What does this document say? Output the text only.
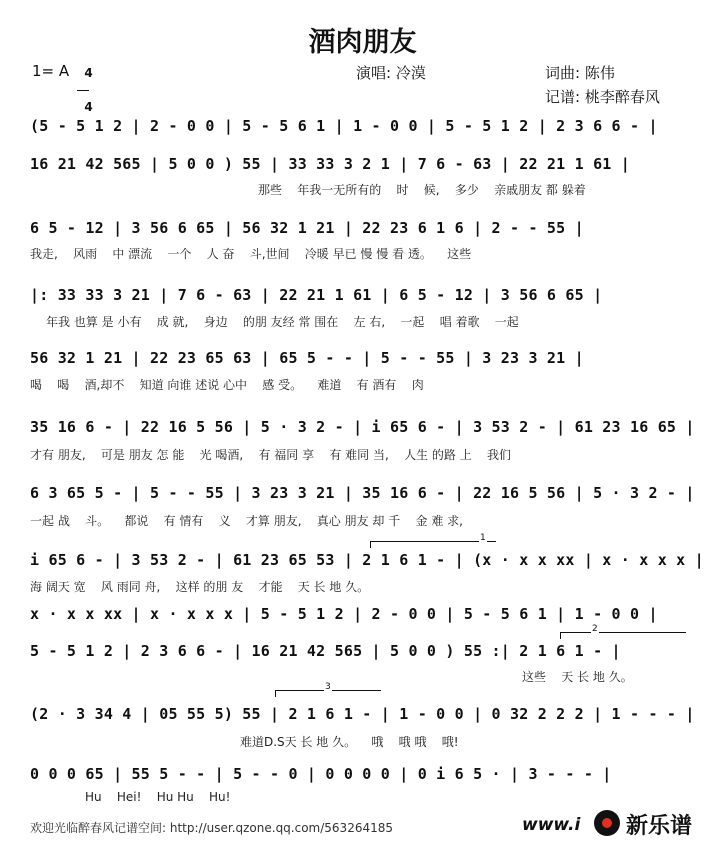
酒肉朋友
1= A	4

4

演唱: 冷漠	词曲: 陈伟
记谱: 桃李醉春风
(5 - 5 1 2 | 2 - 0 0 | 5 - 5 6 1 | 1 - 0 0 | 5 - 5 1 2 | 2 3 6 6 - |
16 21 42 565 | 5 0 0 ) 55 | 33 33 3 2 1 | 7 6 - 63 | 22 21 1 61 |
那些    年我一无所有的    时    候,    多少    亲戚朋友 都 躲着
6 5 - 12 | 3 56 6 65 | 56 32 1 21 | 22 23 6 1 6 | 2 - - 55 |
我走,    风雨    中 漂流    一个    人 奋    斗,世间    冷暖 早已 慢 慢 看 透。    这些
|: 33 33 3 21 | 7 6 - 63 | 22 21 1 61 | 6 5 - 12 | 3 56 6 65 |
年我 也算 是 小有    成 就,    身边    的朋 友经 常 围在    左 右,    一起    唱 着歌    一起
56 32 1 21 | 22 23 65 63 | 65 5 - - | 5 - - 55 | 3 23 3 21 |
喝    喝    酒,却不    知道 向谁 述说 心中    感 受。    难道    有 酒有    肉
35 16 6 - | 22 16 5 56 | 5 · 3 2 - | i 65 6 - | 3 53 2 - | 61 23 16 65 |
才有 朋友,    可是 朋友 怎 能    光 喝酒,    有 福同 享    有 难同 当,    人生 的路 上    我们
6 3 65 5 - | 5 - - 55 | 3 23 3 21 | 35 16 6 - | 22 16 5 56 | 5 · 3 2 - |
一起 战    斗。    都说    有 情有    义    才算 朋友,    真心 朋友 却 千    金 难 求,
1
i 65 6 - | 3 53 2 - | 61 23 65 53 | 2 1 6 1 - | (x · x x xx | x · x x x |
海 阔天 宽    风 雨同 舟,    这样 的朋 友    才能    天 长 地 久。
x · x x xx | x · x x x | 5 - 5 1 2 | 2 - 0 0 | 5 - 5 6 1 | 1 - 0 0 |
2
5 - 5 1 2 | 2 3 6 6 - | 16 21 42 565 | 5 0 0 ) 55 :| 2 1 6 1 - |
这些    天 长 地 久。
3
(2 · 3 34 4 | 05 55 5) 55 | 2 1 6 1 - | 1 - 0 0 | 0 32 2 2 2 | 1 - - - |
难道D.S天 长 地 久。    哦    哦 哦    哦!
0 0 0 65 | 55 5 - - | 5 - - 0 | 0 0 0 0 | 0 i 6 5 · | 3 - - - |
Hu    Hei!    Hu Hu    Hu!
欢迎光临醉春风记谱空间: http://user.qzone.qq.com/563264185	www.i 新乐谱
